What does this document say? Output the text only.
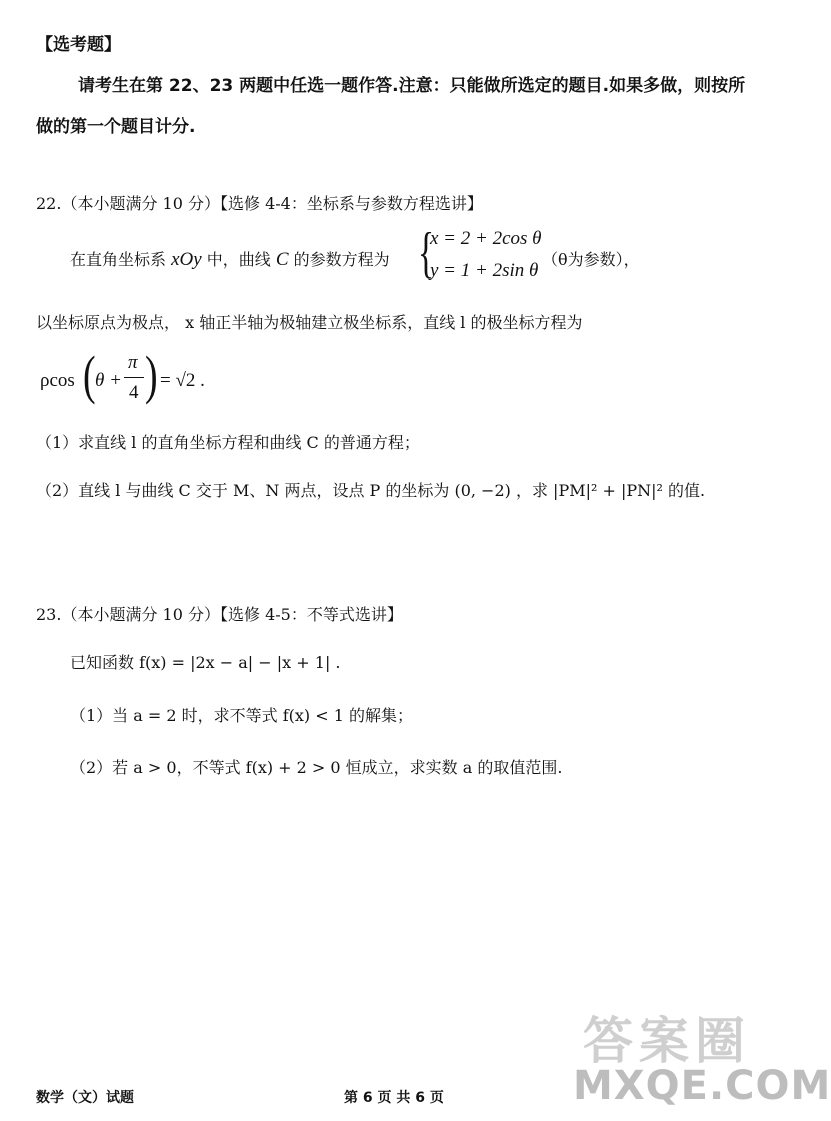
【选考题】
请考生在第 22、23 两题中任选一题作答.注意：只能做所选定的题目.如果多做，则按所
做的第一个题目计分.
22.（本小题满分 10 分）【选修 4-4：坐标系与参数方程选讲】
在直角坐标系 xOy 中，曲线 C 的参数方程为 {
x = 2 + 2cos θ
y = 1 + 2sin θ
（θ为参数），
以坐标原点为极点， x 轴正半轴为极轴建立极坐标系，直线 l 的极坐标方程为
ρcos ( θ +
π
4 ) = √2 .
（1）求直线 l 的直角坐标方程和曲线 C 的普通方程；
（2）直线 l 与曲线 C 交于 M、N 两点，设点 P 的坐标为 (0, −2) ，求 |PM|² + |PN|² 的值.
23.（本小题满分 10 分）【选修 4-5：不等式选讲】
已知函数 f(x) = |2x − a| − |x + 1| .
（1）当 a = 2 时，求不等式 f(x) < 1 的解集；
（2）若 a > 0，不等式 f(x) + 2 > 0 恒成立，求实数 a 的取值范围.
数学（文）试题	第 6 页 共 6 页
答案圈
MXQE.COM
